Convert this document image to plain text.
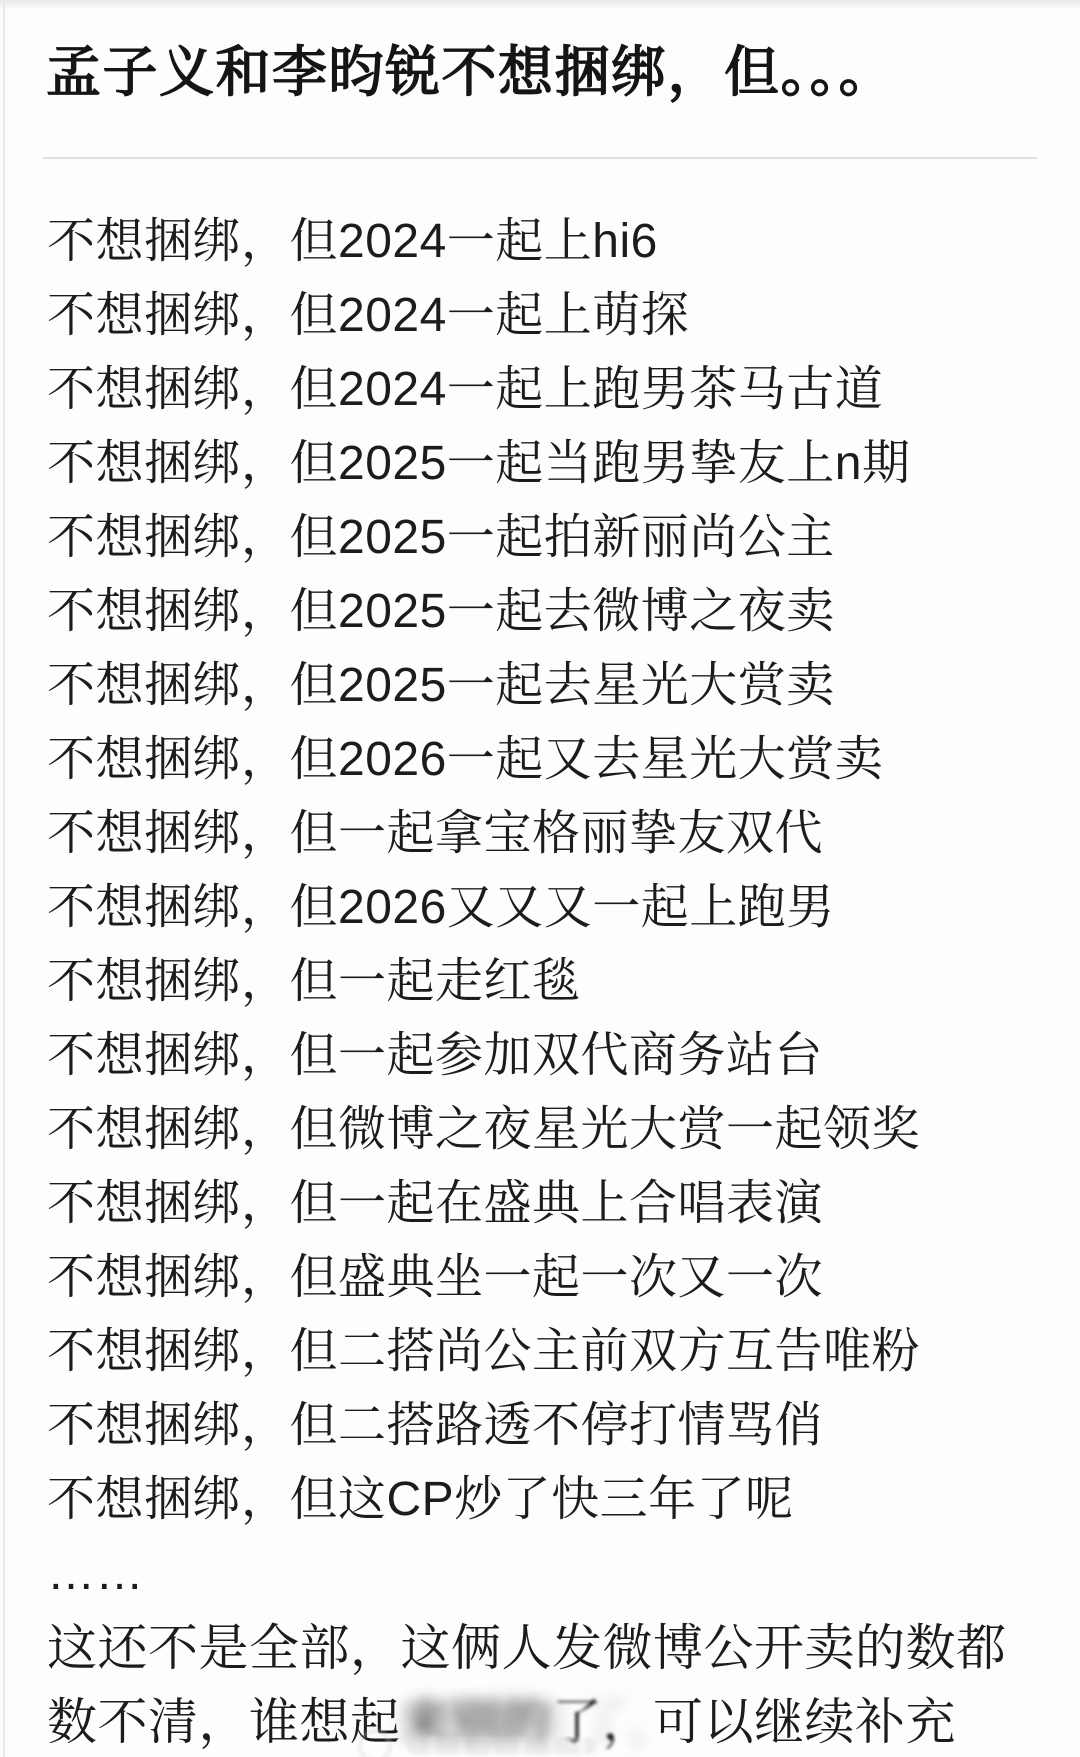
孟子义和李昀锐不想捆绑，但。。。
不想捆绑，但2024一起上hi6
不想捆绑，但2024一起上萌探
不想捆绑，但2024一起上跑男茶马古道
不想捆绑，但2025一起当跑男挚友上n期
不想捆绑，但2025一起拍新丽尚公主
不想捆绑，但2025一起去微博之夜卖
不想捆绑，但2025一起去星光大赏卖
不想捆绑，但2026一起又去星光大赏卖
不想捆绑，但一起拿宝格丽挚友双代
不想捆绑，但2026又又又一起上跑男
不想捆绑，但一起走红毯
不想捆绑，但一起参加双代商务站台
不想捆绑，但微博之夜星光大赏一起领奖
不想捆绑，但一起在盛典上合唱表演
不想捆绑，但盛典坐一起一次又一次
不想捆绑，但二搭尚公主前双方互告唯粉
不想捆绑，但二搭路透不停打情骂俏
不想捆绑，但这CP炒了快三年了呢
……
这还不是全部，这俩人发微博公开卖的数都
数不清，谁想起来别的了，可以继续补充
